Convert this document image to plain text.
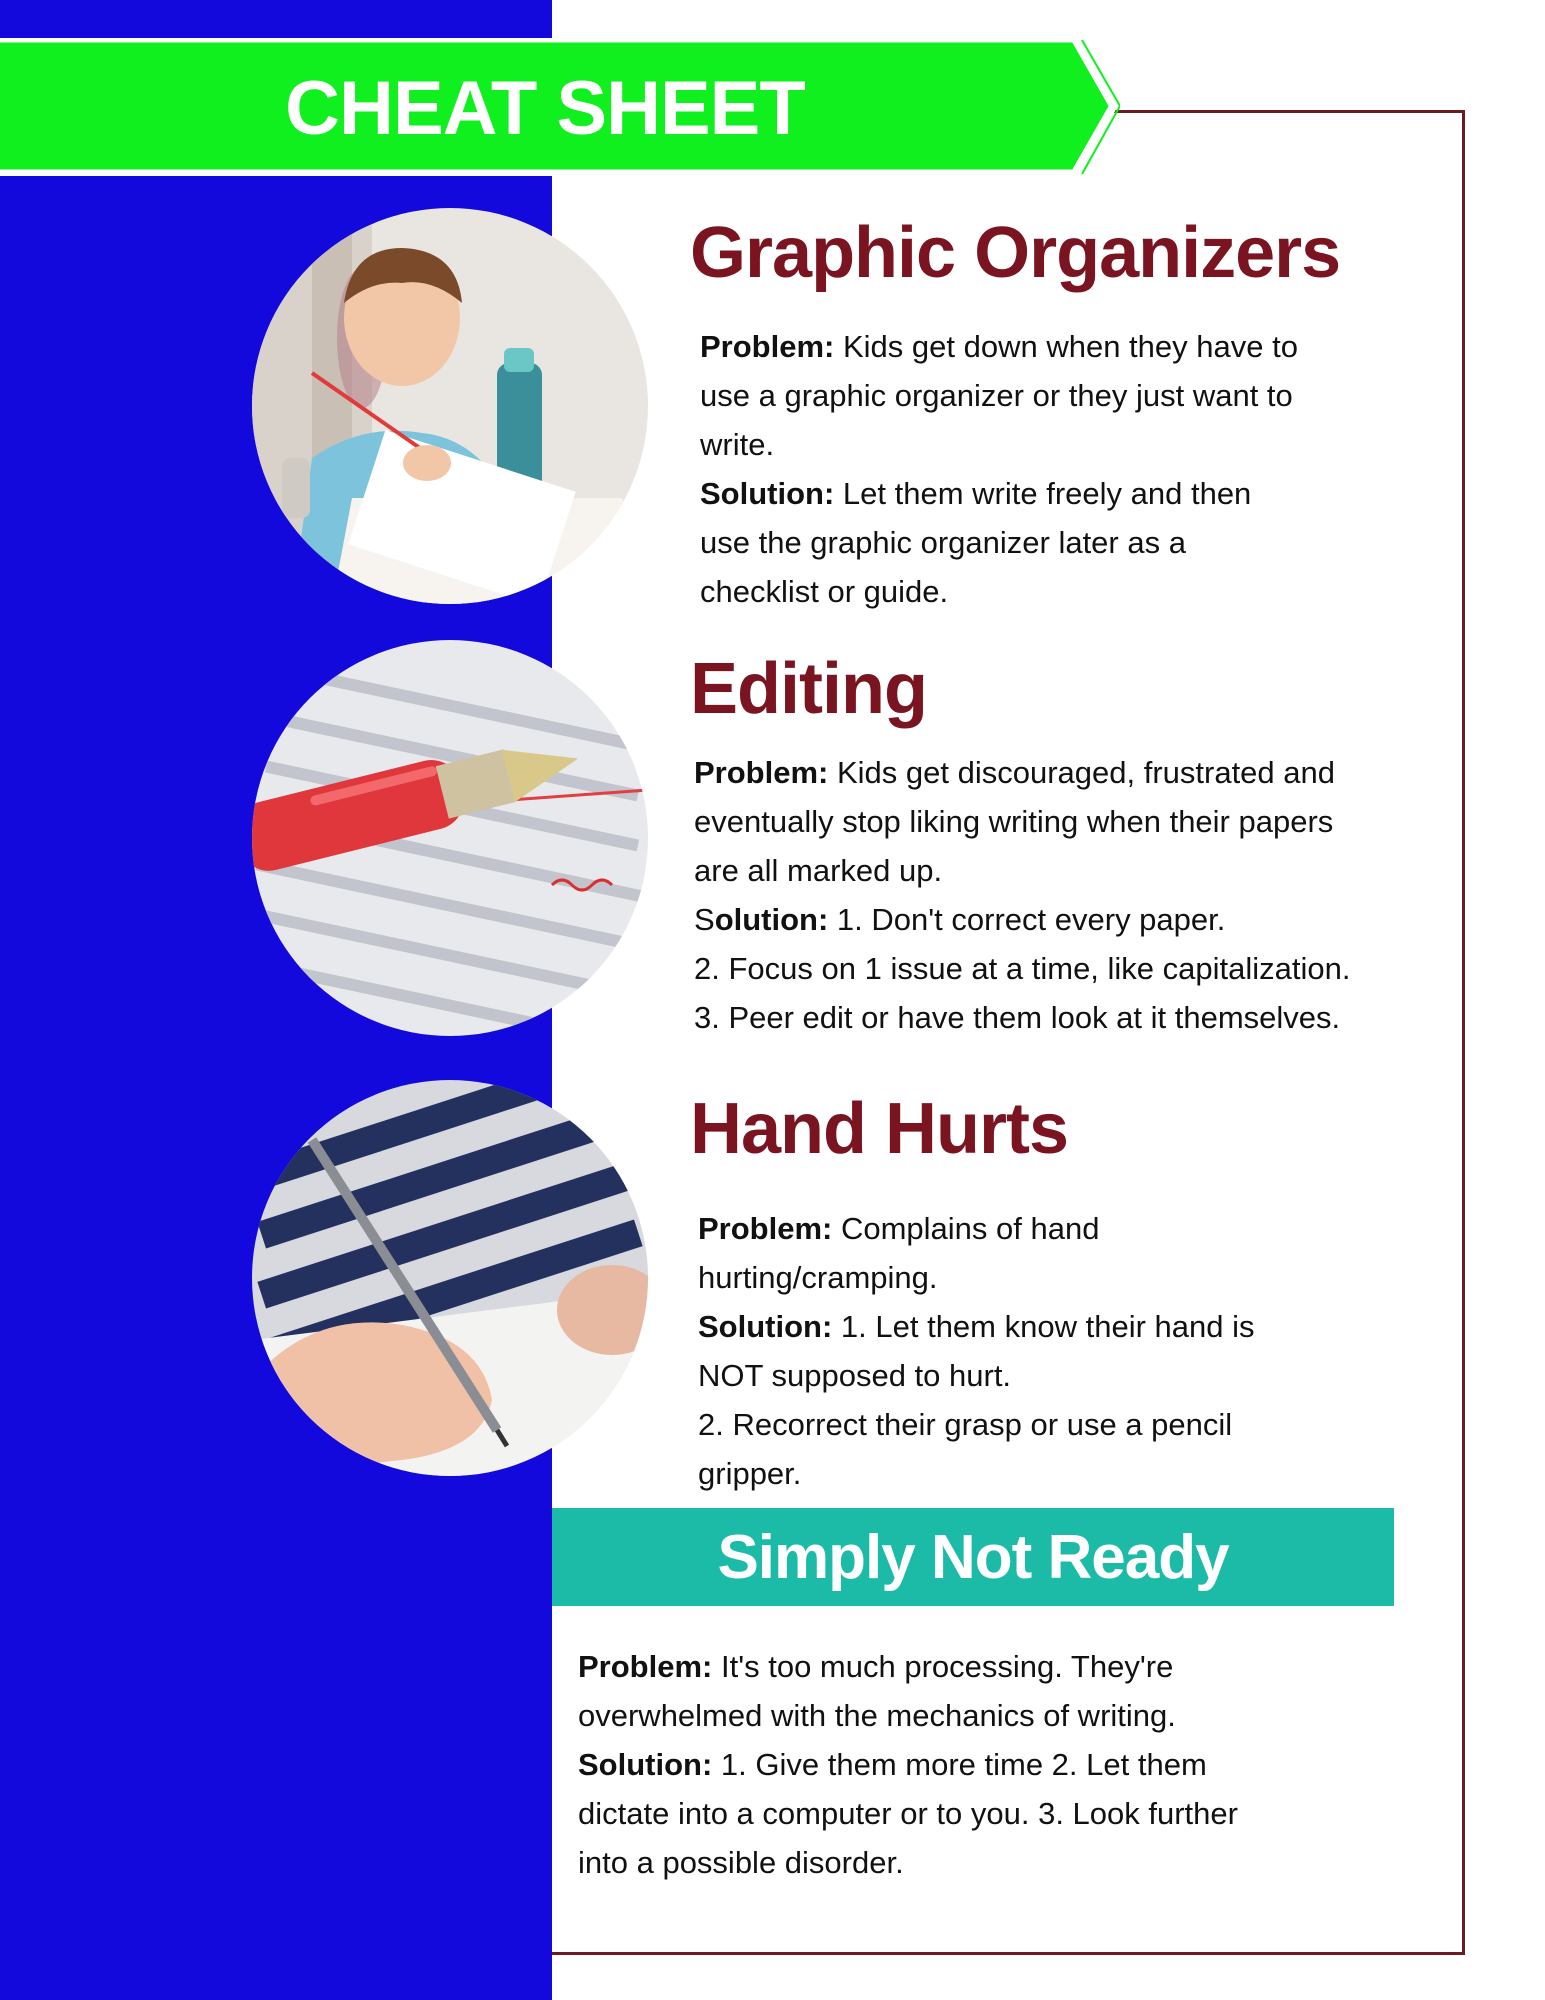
CHEAT SHEET
Graphic Organizers

Problem: Kids get down when they have to

use a graphic organizer or they just want to

write.

Solution: Let them write freely and then

use the graphic organizer later as a

checklist or guide.

Editing

Problem: Kids get discouraged, frustrated and

eventually stop liking writing when their papers

are all marked up.

Solution: 1. Don't correct every paper.

2. Focus on 1 issue at a time, like capitalization.

3. Peer edit or have them look at it themselves.

Hand Hurts

Problem: Complains of hand

hurting/cramping.

Solution: 1. Let them know their hand is

NOT supposed to hurt.

2. Recorrect their grasp or use a pencil

gripper.

Simply Not Ready

Problem: It's too much processing. They're

overwhelmed with the mechanics of writing.

Solution: 1. Give them more time 2. Let them

dictate into a computer or to you. 3. Look further

into a possible disorder.
